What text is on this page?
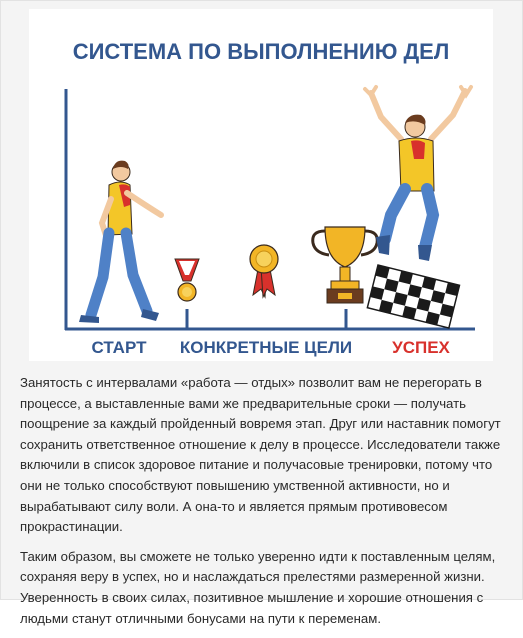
СИСТЕМА ПО ВЫПОЛНЕНИЮ ДЕЛ
СТАРТ КОНКРЕТНЫЕ ЦЕЛИ УСПЕХ

Занятость с интервалами «работа — отдых» позволит вам не перегорать в процессе, а выставленные вами же предварительные сроки — получать поощрение за каждый пройденный вовремя этап. Друг или наставник помогут сохранить ответственное отношение к делу в процессе. Исследователи также включили в список здоровое питание и получасовые тренировки, потому что они не только способствуют повышению умственной активности, но и вырабатывают силу воли. А она-то и является прямым противовесом прокрастинации.

Таким образом, вы сможете не только уверенно идти к поставленным целям, сохраняя веру в успех, но и наслаждаться прелестями размеренной жизни. Уверенность в своих силах, позитивное мышление и хорошие отношения с людьми станут отличными бонусами на пути к переменам.
